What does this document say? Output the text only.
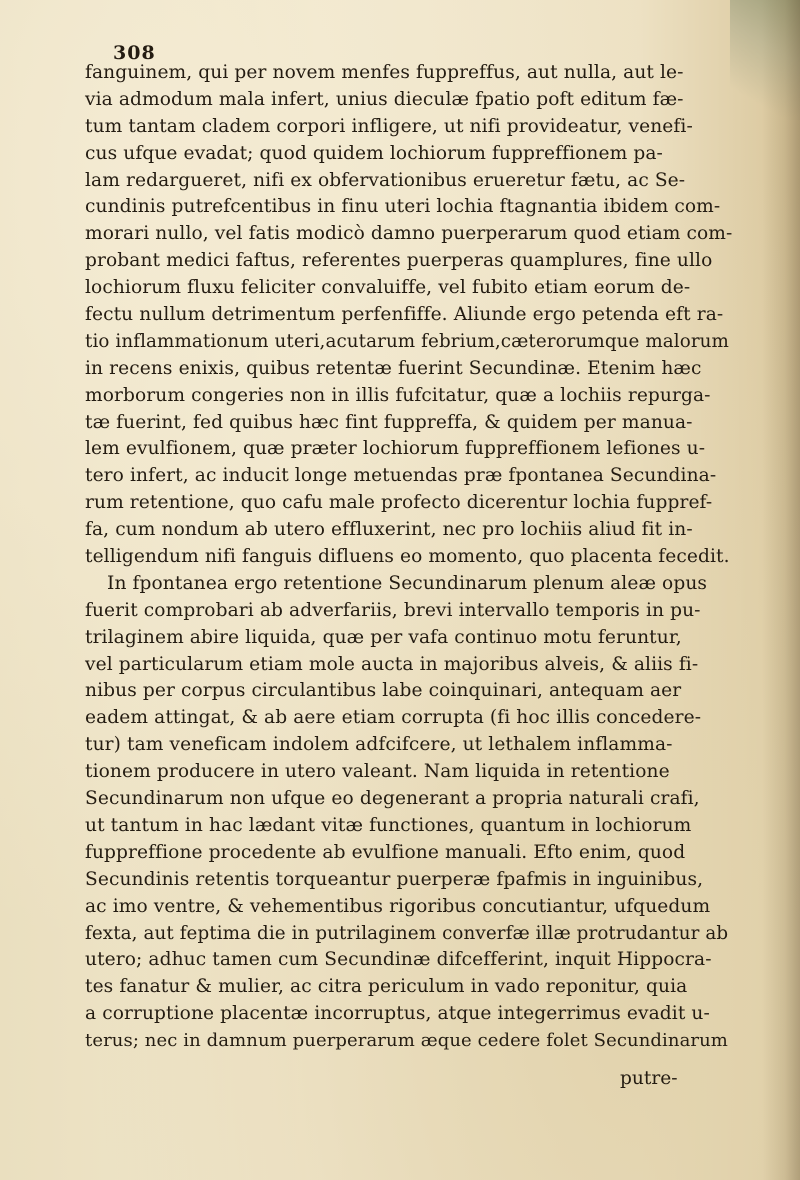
308
fanguinem, qui per novem menfes fuppreffus, aut nulla, aut le-
via admodum mala infert, unius dieculæ fpatio poft editum fæ-
tum tantam cladem corpori infligere, ut nifi provideatur, venefi-
cus ufque evadat; quod quidem lochiorum fuppreffionem pa-
lam redargueret, nifi ex obfervationibus erueretur fætu, ac Se-
cundinis putrefcentibus in finu uteri lochia ftagnantia ibidem com-
morari nullo, vel fatis modicò damno puerperarum quod etiam com-
probant medici faftus, referentes puerperas quamplures, fine ullo
lochiorum fluxu feliciter convaluiffe, vel fubito etiam eorum de-
fectu nullum detrimentum perfenfiffe. Aliunde ergo petenda eft ra-
tio inflammationum uteri,acutarum febrium,cæterorumque malorum
in recens enixis, quibus retentæ fuerint Secundinæ. Etenim hæc
morborum congeries non in illis fufcitatur, quæ a lochiis repurga-
tæ fuerint, fed quibus hæc fint fuppreffa, & quidem per manua-
lem evulfionem, quæ præter lochiorum fuppreffionem lefiones u-
tero infert, ac inducit longe metuendas præ fpontanea Secundina-
rum retentione, quo cafu male profecto dicerentur lochia fuppref-
fa, cum nondum ab utero effluxerint, nec pro lochiis aliud fit in-
telligendum nifi fanguis difluens eo momento, quo placenta fecedit.
In fpontanea ergo retentione Secundinarum plenum aleæ opus
fuerit comprobari ab adverfariis, brevi intervallo temporis in pu-
trilaginem abire liquida, quæ per vafa continuo motu feruntur,
vel particularum etiam mole aucta in majoribus alveis, & aliis fi-
nibus per corpus circulantibus labe coinquinari, antequam aer
eadem attingat, & ab aere etiam corrupta (fi hoc illis concedere-
tur) tam veneficam indolem adfcifcere, ut lethalem inflamma-
tionem producere in utero valeant. Nam liquida in retentione
Secundinarum non ufque eo degenerant a propria naturali crafi,
ut tantum in hac lædant vitæ functiones, quantum in lochiorum
fuppreffione procedente ab evulfione manuali. Efto enim, quod
Secundinis retentis torqueantur puerperæ fpafmis in inguinibus,
ac imo ventre, & vehementibus rigoribus concutiantur, ufquedum
fexta, aut feptima die in putrilaginem converfæ illæ protrudantur ab
utero; adhuc tamen cum Secundinæ difcefferint, inquit Hippocra-
tes fanatur & mulier, ac citra periculum in vado reponitur, quia
a corruptione placentæ incorruptus, atque integerrimus evadit u-
terus; nec in damnum puerperarum æque cedere folet Secundinarum
putre-
